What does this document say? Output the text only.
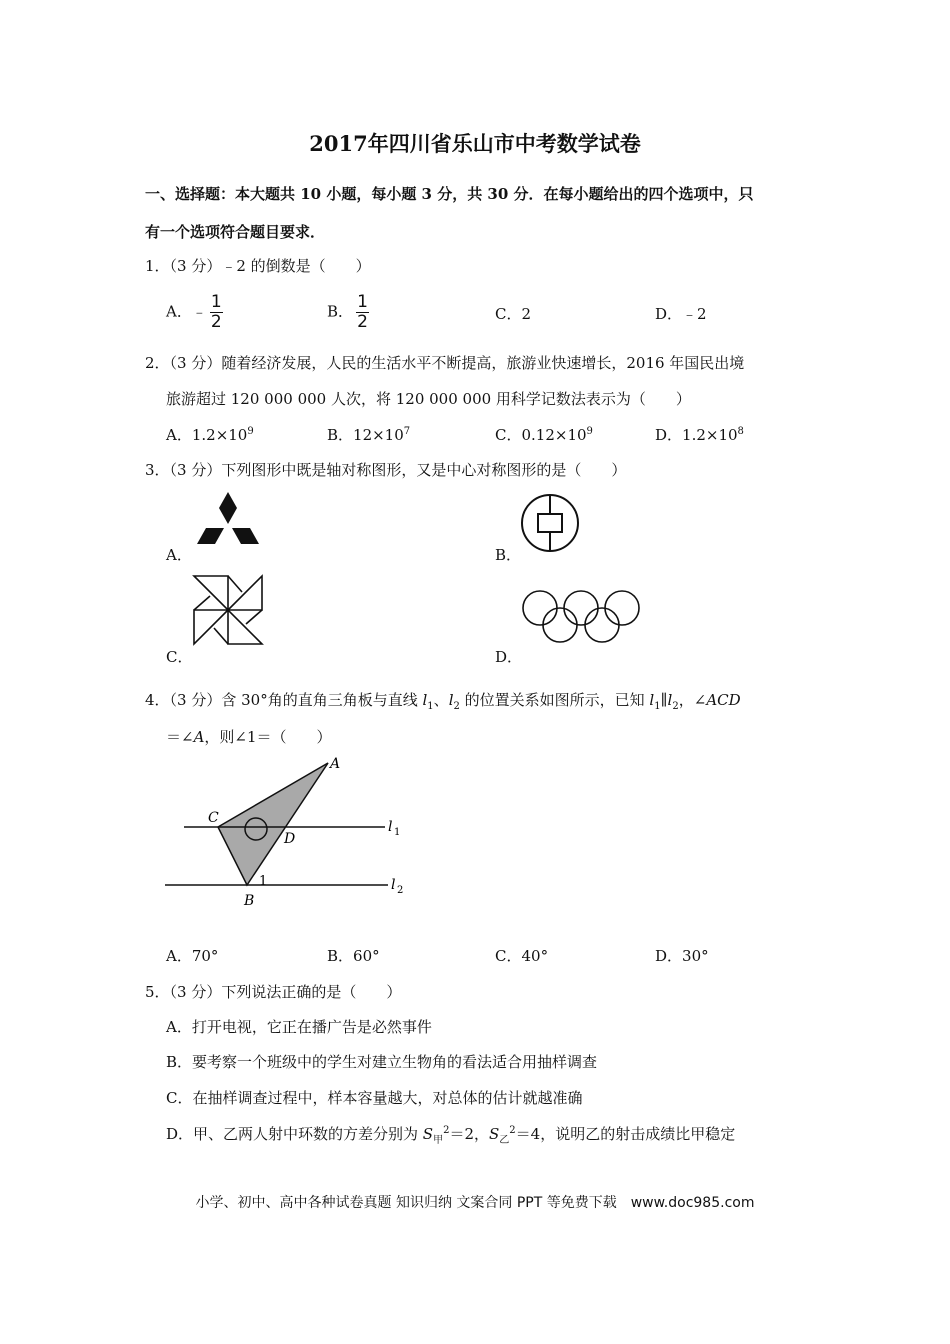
2017年四川省乐山市中考数学试卷
一、选择题：本大题共 10 小题，每小题 3 分，共 30 分．在每小题给出的四个选项中，只
有一个选项符合题目要求．
1．（3 分）﹣2 的倒数是（　　）
A．﹣ $\frac{1}{2}$	B． $\frac{1}{2}$	C．2	D．﹣2
2．（3 分）随着经济发展，人民的生活水平不断提高，旅游业快速增长，2016 年国民出境
旅游超过 120 000 000 人次，将 120 000 000 用科学记数法表示为（　　）
A．$1.2\times 10^9$	B．$12\times 10^7$	C．$0.12\times 10^9$	D．$1.2\times 10^8$
3．（3 分）下列图形中既是轴对称图形，又是中心对称图形的是（　　）
A．	B．
C．	D．
4．（3 分）含 30°角的直角三角板与直线 $l_1$、$l_2$ 的位置关系如图所示，已知 $l_1\parallel l_2$，∠ACD
＝∠A，则∠1＝（　　）
A
C
D
B
1
l 1
l 2
A．70°	B．60°	C．40°	D．30°
5．（3 分）下列说法正确的是（　　）
A．打开电视，它正在播广告是必然事件
B．要考察一个班级中的学生对建立生物角的看法适合用抽样调查
C．在抽样调查过程中，样本容量越大，对总体的估计就越准确
D．甲、乙两人射中环数的方差分别为 $S_甲^2=2$，$S_乙^2=4$，说明乙的射击成绩比甲稳定
小学、初中、高中各种试卷真题 知识归纳 文案合同 PPT 等免费下载　www.doc985.com
